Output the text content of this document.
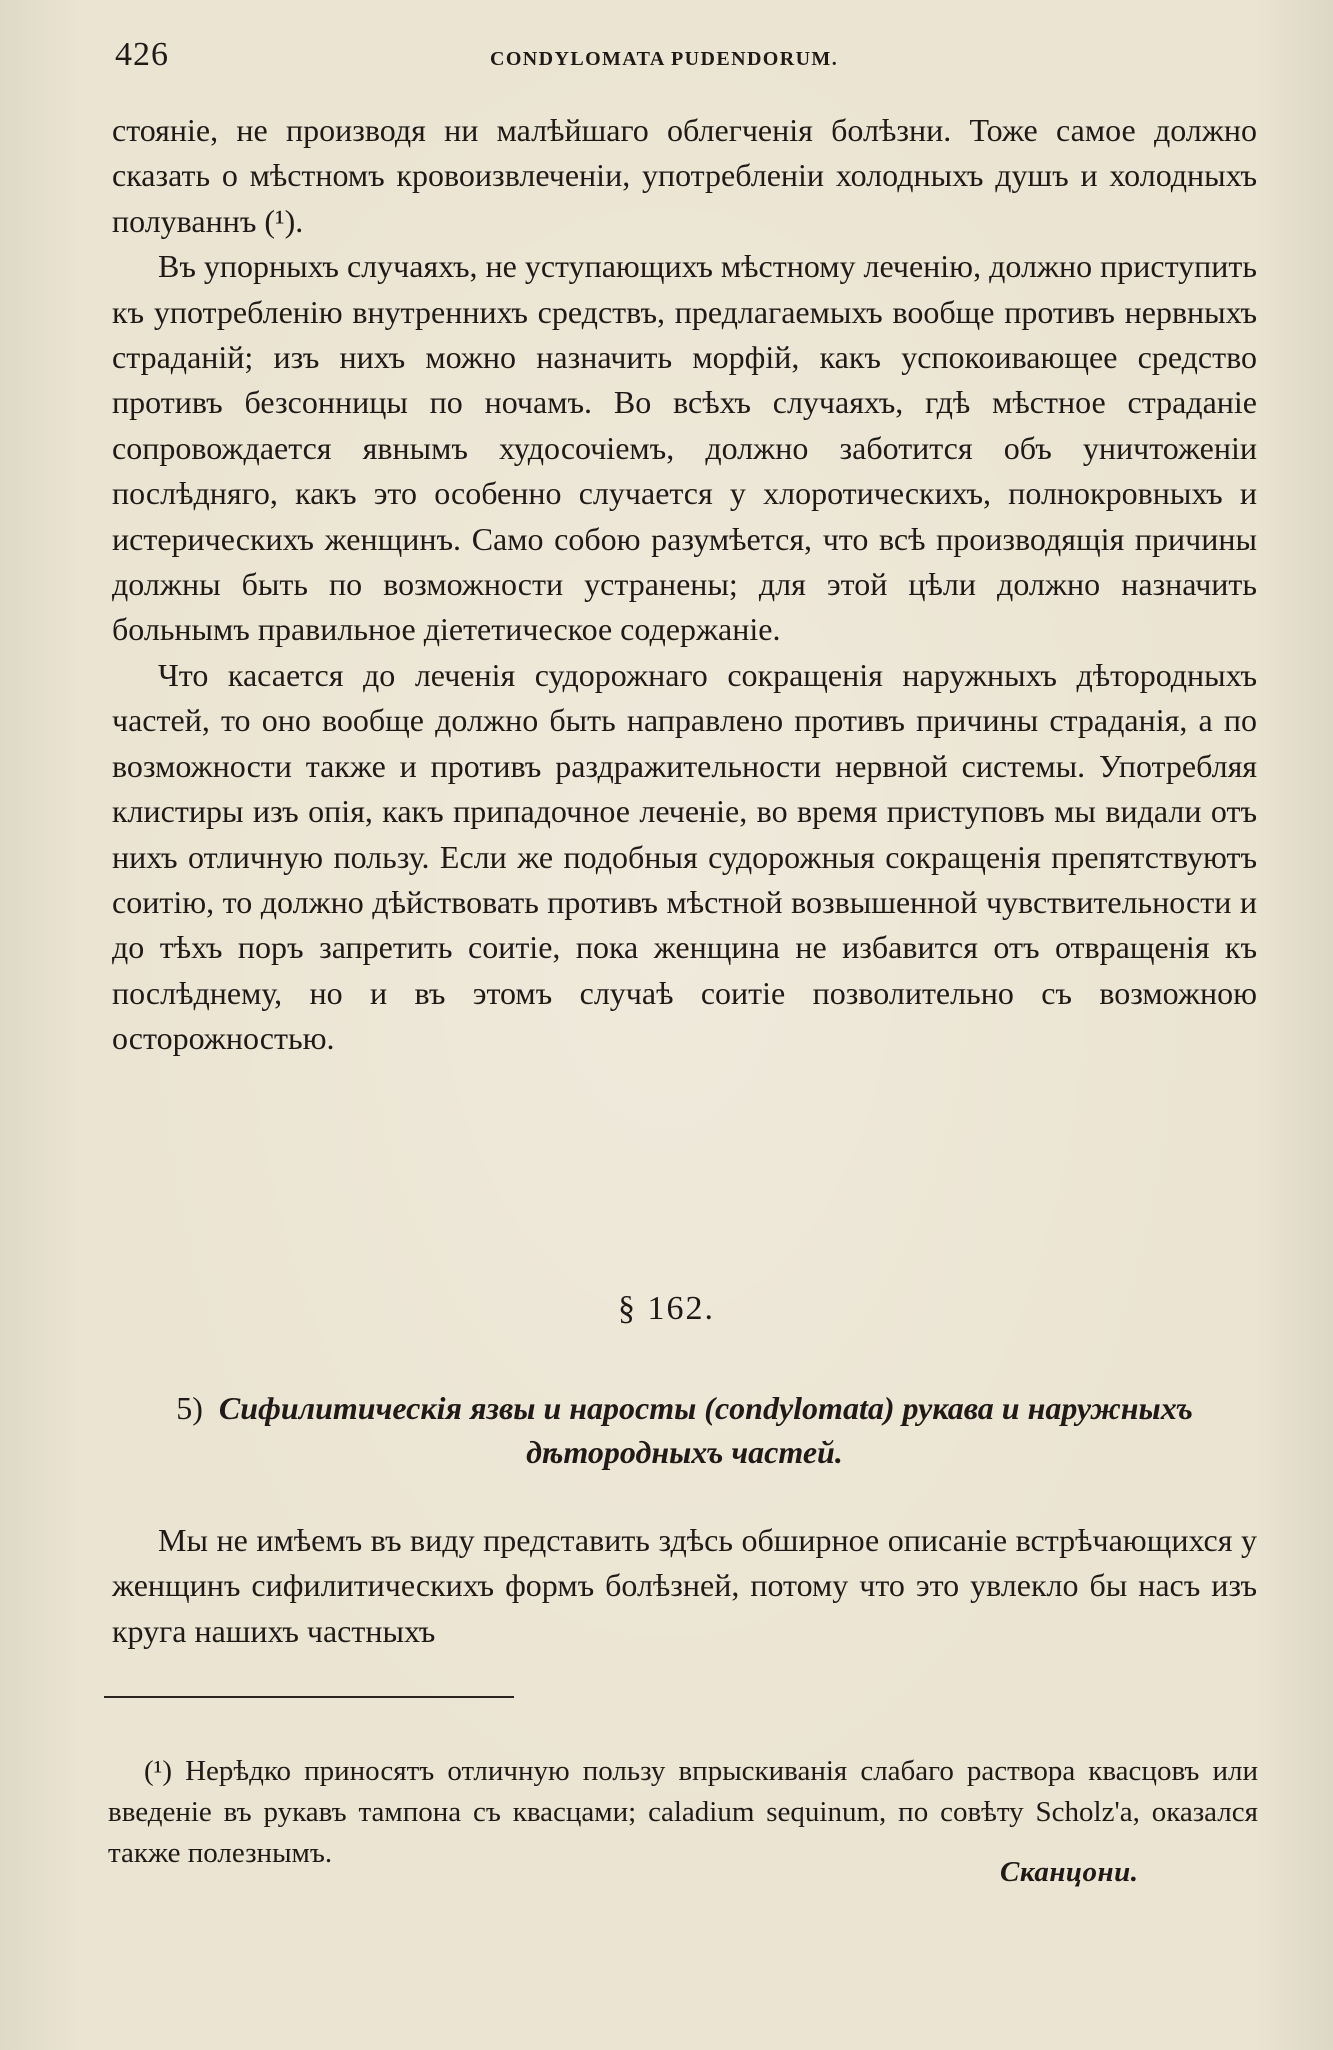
426	CONDYLOMATA PUDENDORUM.

стояніе, не производя ни малѣйшаго облегченія болѣзни. Тоже самое должно сказать о мѣстномъ кровоизвлеченіи, употребленіи холодныхъ душъ и холодныхъ полуваннъ (¹).

Въ упорныхъ случаяхъ, не уступающихъ мѣстному леченію, должно приступить къ употребленію внутреннихъ средствъ, предлагаемыхъ вообще противъ нервныхъ страданій; изъ нихъ можно назначить морфій, какъ успокоивающее средство противъ безсонницы по ночамъ. Во всѣхъ случаяхъ, гдѣ мѣстное страданіе сопровождается явнымъ худосочіемъ, должно заботится объ уничтоженіи послѣдняго, какъ это особенно случается у хлоротическихъ, полнокровныхъ и истерическихъ женщинъ. Само собою разумѣется, что всѣ производящія причины должны быть по возможности устранены; для этой цѣли должно назначить больнымъ правильное діететическое содержаніе.

Что касается до леченія судорожнаго сокращенія наружныхъ дѣтородныхъ частей, то оно вообще должно быть направлено противъ причины страданія, а по возможности также и противъ раздражительности нервной системы. Употребляя клистиры изъ опія, какъ припадочное леченіе, во время приступовъ мы видали отъ нихъ отличную пользу. Если же подобныя судорожныя сокращенія препятствуютъ соитію, то должно дѣйствовать противъ мѣстной возвышенной чувствительности и до тѣхъ поръ запретить соитіе, пока женщина не избавится отъ отвращенія къ послѣднему, но и въ этомъ случаѣ соитіе позволительно съ возможною осторожностью.

§ 162.
5) Сифилитическія язвы и наросты (condylomata) рукава и наружныхъ дѣтородныхъ частей.

Мы не имѣемъ въ виду представить здѣсь обширное описаніе встрѣчающихся у женщинъ сифилитическихъ формъ болѣзней, потому что это увлекло бы насъ изъ круга нашихъ частныхъ

(¹) Нерѣдко приносятъ отличную пользу впрыскиванія слабаго раствора квасцовъ или введеніе въ рукавъ тампона съ квасцами; caladium sequinum, по совѣту Scholz'a, оказался также полезнымъ.

Сканцони.
